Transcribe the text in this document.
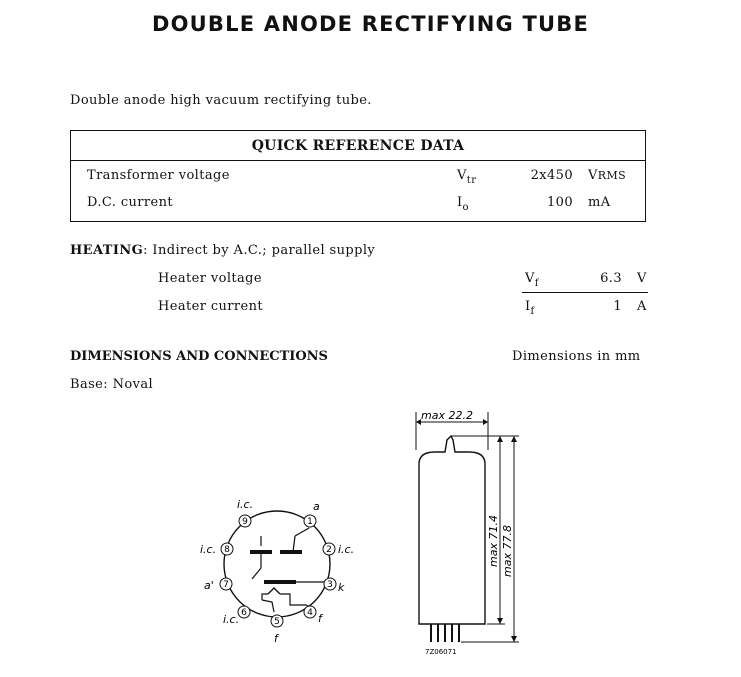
DOUBLE ANODE RECTIFYING TUBE
Double anode high vacuum rectifying tube.
QUICK REFERENCE DATA
Transformer voltage	$V_{tr}$	2x450 VRMS
D.C. current	$I_o$	100 mA
HEATING: Indirect by A.C.; parallel supply
Heater voltage	$V_f$	6.3 V
Heater current	$I_f$	1 A
DIMENSIONS AND CONNECTIONS	Dimensions in mm
Base: Noval
1
2
3
4
5
6
7
8
9
a
i.c.
k
f
f
i.c.
a'
i.c.
i.c.
max 22.2
max 71.4 max 77.8
7Z06071
